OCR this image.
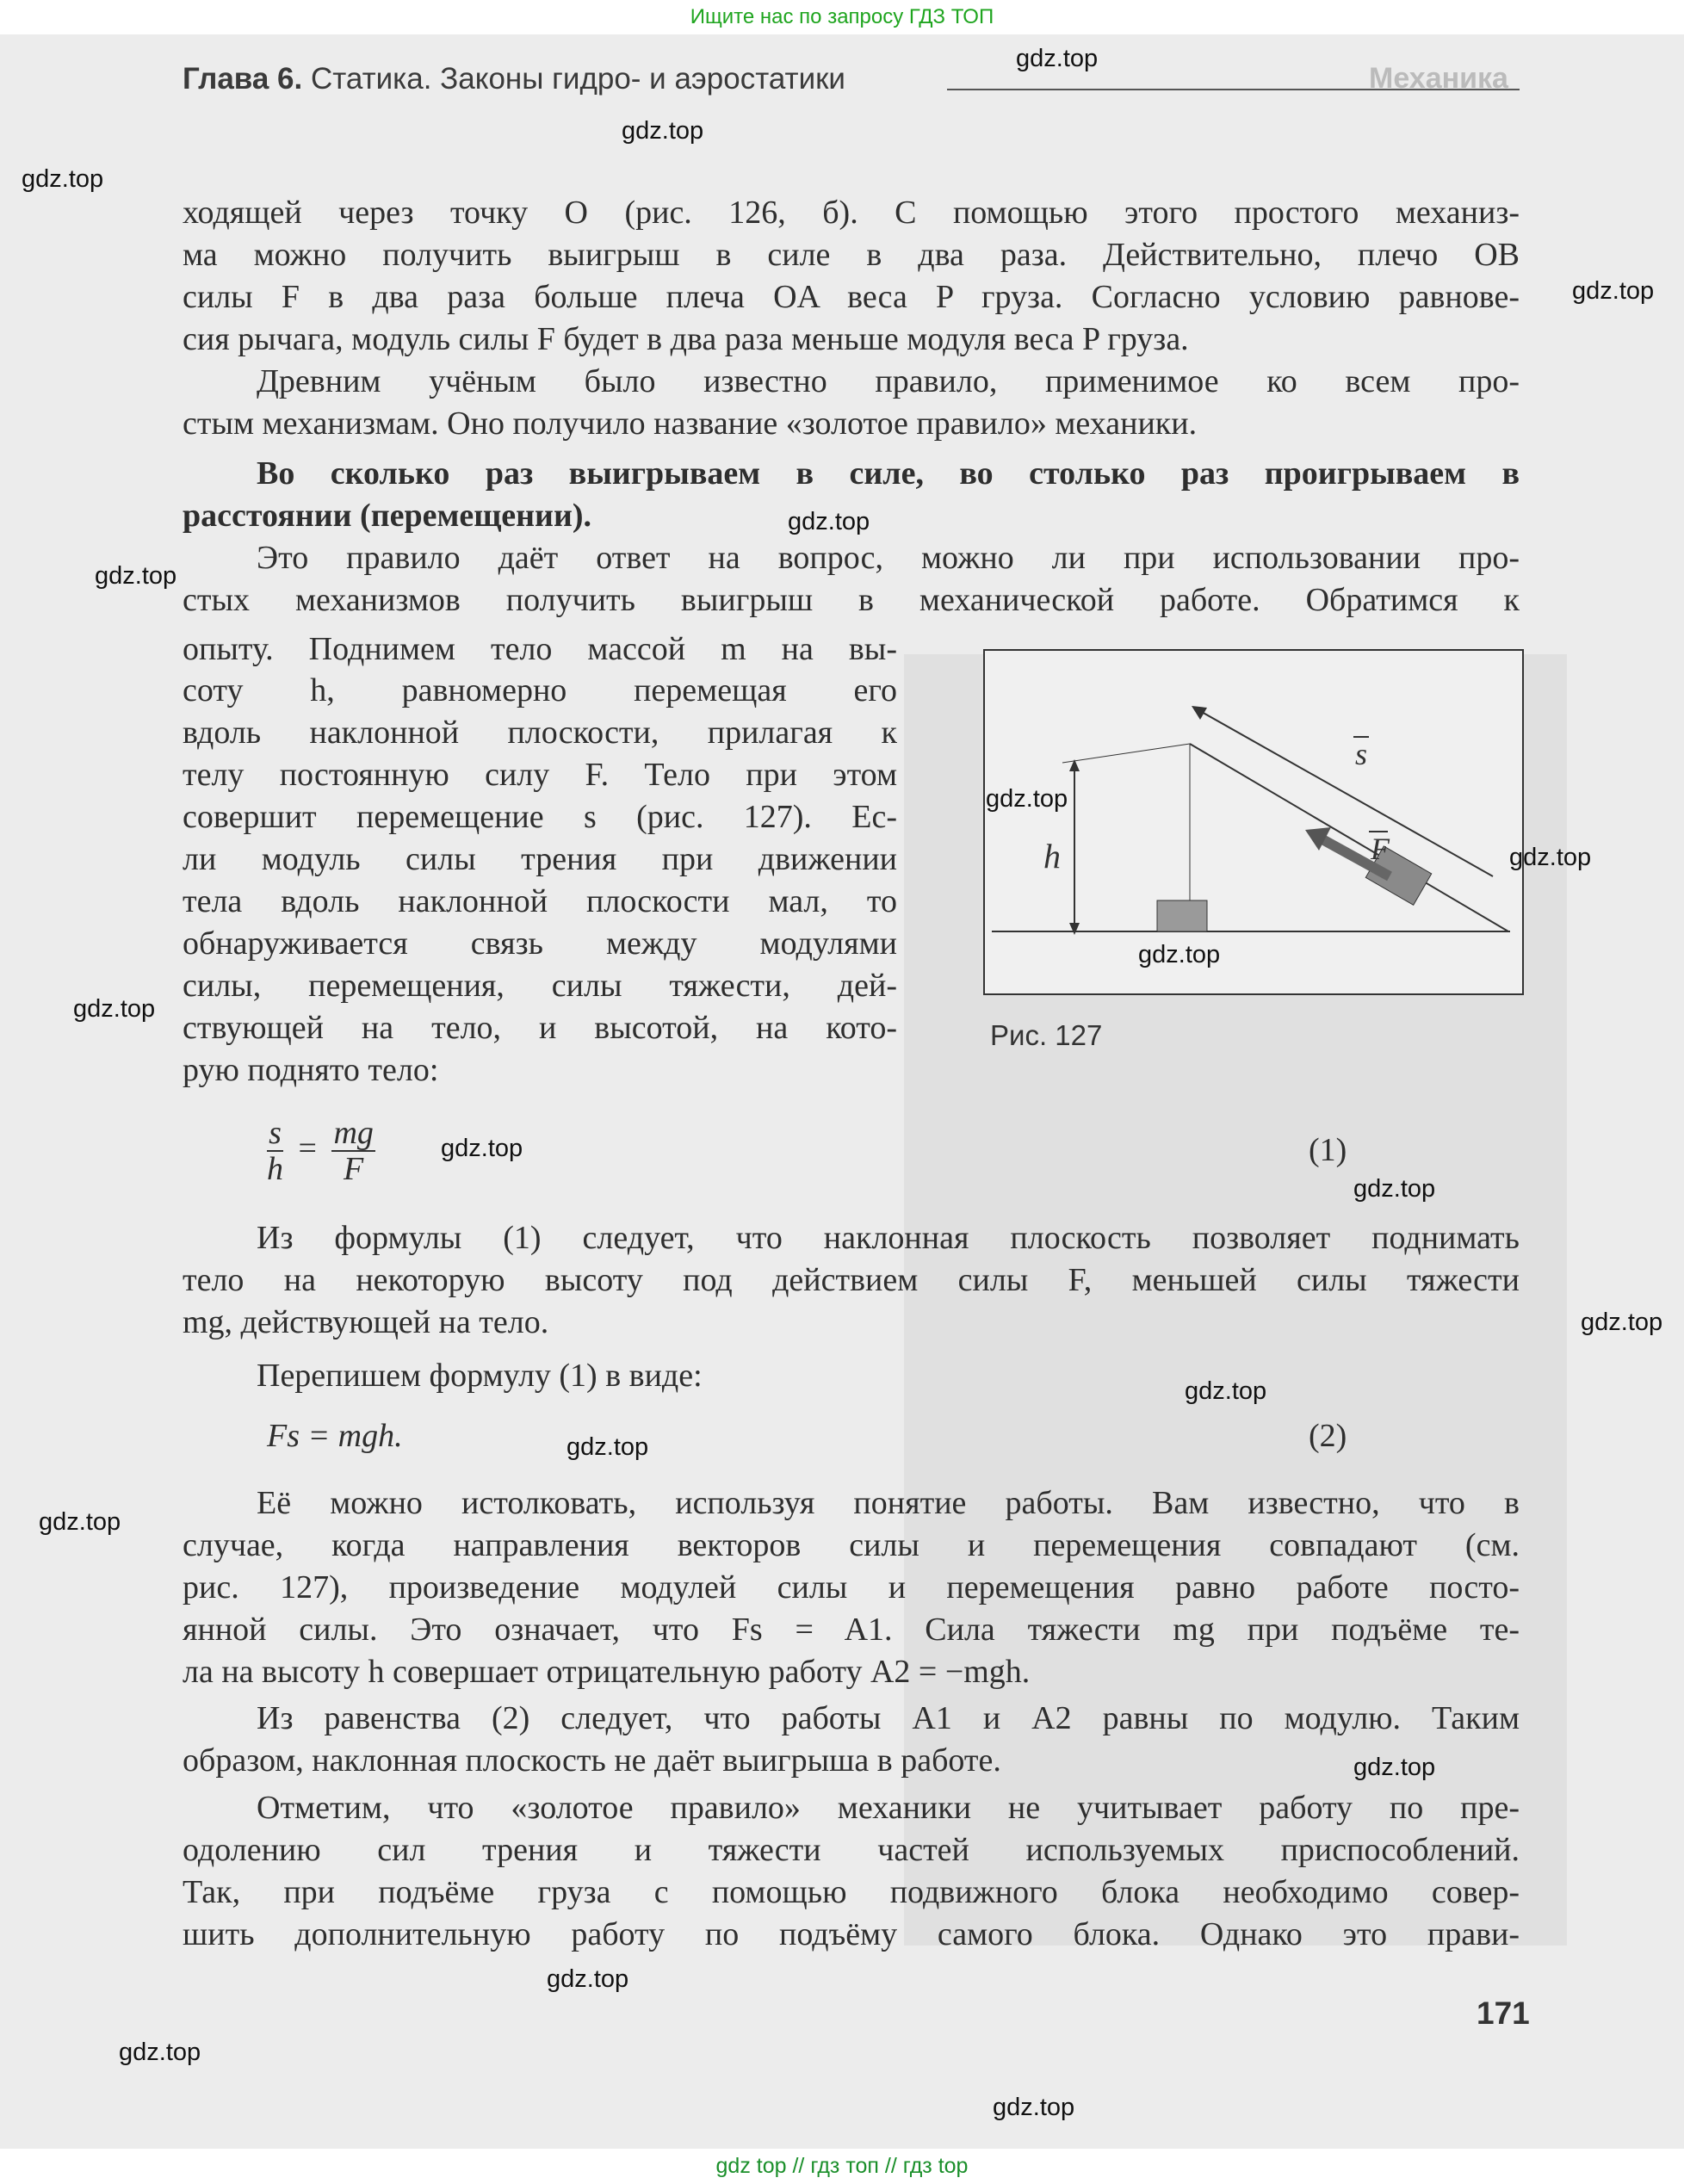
Глава 6. Статика. Законы гидро- и аэростатики	Механика
ходящей через точку O (рис. 126, б). С помощью этого простого механиз-
ма можно получить выигрыш в силе в два раза. Действительно, плечо OB
силы F в два раза больше плеча OA веса P груза. Согласно условию равнове-
сия рычага, модуль силы F будет в два раза меньше модуля веса P груза.
Древним учёным было известно правило, применимое ко всем про-
стым механизмам. Оно получило название «золотое правило» механики.
Во сколько раз выигрываем в силе, во столько раз проигрываем в
расстоянии (перемещении).
Это правило даёт ответ на вопрос, можно ли при использовании про-
стых механизмов получить выигрыш в механической работе. Обратимся к
опыту. Поднимем тело массой m на вы-
соту h, равномерно перемещая его
вдоль наклонной плоскости, прилагая к
телу постоянную силу F. Тело при этом
совершит перемещение s (рис. 127). Ес-
ли модуль силы трения при движении
тела вдоль наклонной плоскости мал, то
обнаруживается связь между модулями
силы, перемещения, силы тяжести, дей-
ствующей на тело, и высотой, на кото-
рую поднято тело:
h
s
F
Рис. 127
$\frac{s}{h} = \frac{mg}{F}$	(1)
Из формулы (1) следует, что наклонная плоскость позволяет поднимать
тело на некоторую высоту под действием силы F, меньшей силы тяжести
mg, действующей на тело.
Перепишем формулу (1) в виде:
Fs = mgh.	(2)
Её можно истолковать, используя понятие работы. Вам известно, что в
случае, когда направления векторов силы и перемещения совпадают (см.
рис. 127), произведение модулей силы и перемещения равно работе посто-
янной силы. Это означает, что Fs = A1. Сила тяжести mg при подъёме те-
ла на высоту h совершает отрицательную работу A2 = −mgh.
Из равенства (2) следует, что работы A1 и A2 равны по модулю. Таким
образом, наклонная плоскость не даёт выигрыша в работе.
Отметим, что «золотое правило» механики не учитывает работу по пре-
одолению сил трения и тяжести частей используемых приспособлений.
Так, при подъёме груза с помощью подвижного блока необходимо совер-
шить дополнительную работу по подъёму самого блока. Однако это прави-
171
gdz.top
gdz.top
gdz.top
gdz.top
gdz.top
gdz.top
gdz.top
gdz.top
gdz.top
gdz.top
gdz.top
gdz.top
gdz.top
gdz.top
gdz.top
gdz.top
gdz.top
gdz.top
gdz.top
gdz.top
Ищите нас по запросу ГДЗ ТОП
gdz top // гдз топ // гдз top
